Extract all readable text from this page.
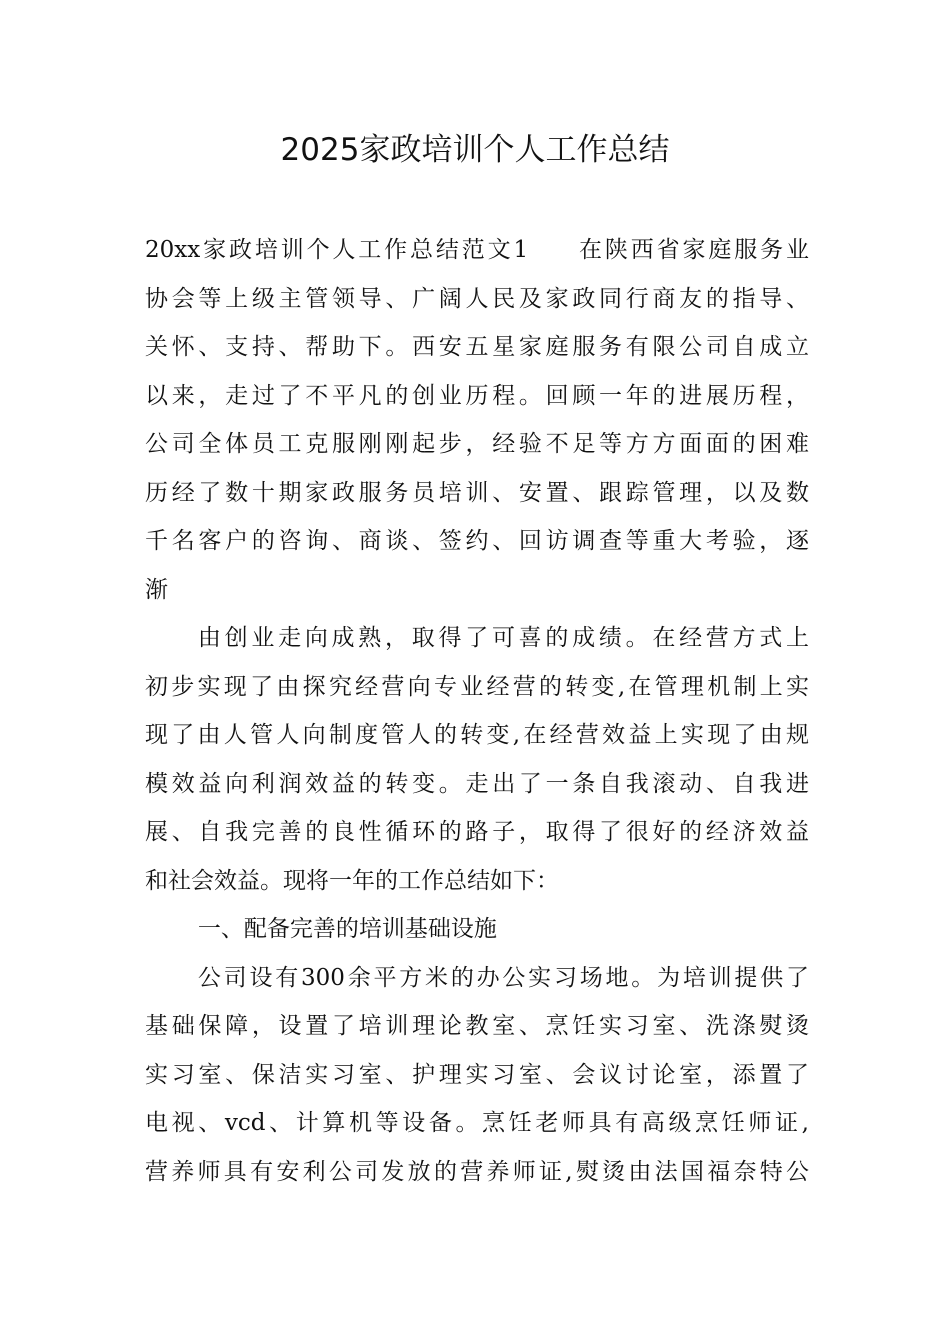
2025家政培训个人工作总结

20xx家政培训个人工作总结范文1 在陕西省家庭服务业
协会等上级主管领导、广阔人民及家政同行商友的指导、
关怀、支持、帮助下。西安五星家庭服务有限公司自成立
以来，走过了不平凡的创业历程。回顾一年的进展历程，
公司全体员工克服刚刚起步，经验不足等方方面面的困难
历经了数十期家政服务员培训、安置、跟踪管理，以及数
千名客户的咨询、商谈、签约、回访调查等重大考验，逐
渐

由创业走向成熟，取得了可喜的成绩。在经营方式上
初步实现了由探究经营向专业经营的转变,在管理机制上实
现了由人管人向制度管人的转变,在经营效益上实现了由规
模效益向利润效益的转变。走出了一条自我滚动、自我进
展、自我完善的良性循环的路子，取得了很好的经济效益
和社会效益。现将一年的工作总结如下：

一、配备完善的培训基础设施

公司设有300余平方米的办公实习场地。为培训提供了
基础保障，设置了培训理论教室、烹饪实习室、洗涤熨烫
实习室、保洁实习室、护理实习室、会议讨论室，添置了
电视、vcd、计算机等设备。烹饪老师具有高级烹饪师证,
营养师具有安利公司发放的营养师证,熨烫由法国福奈特公
